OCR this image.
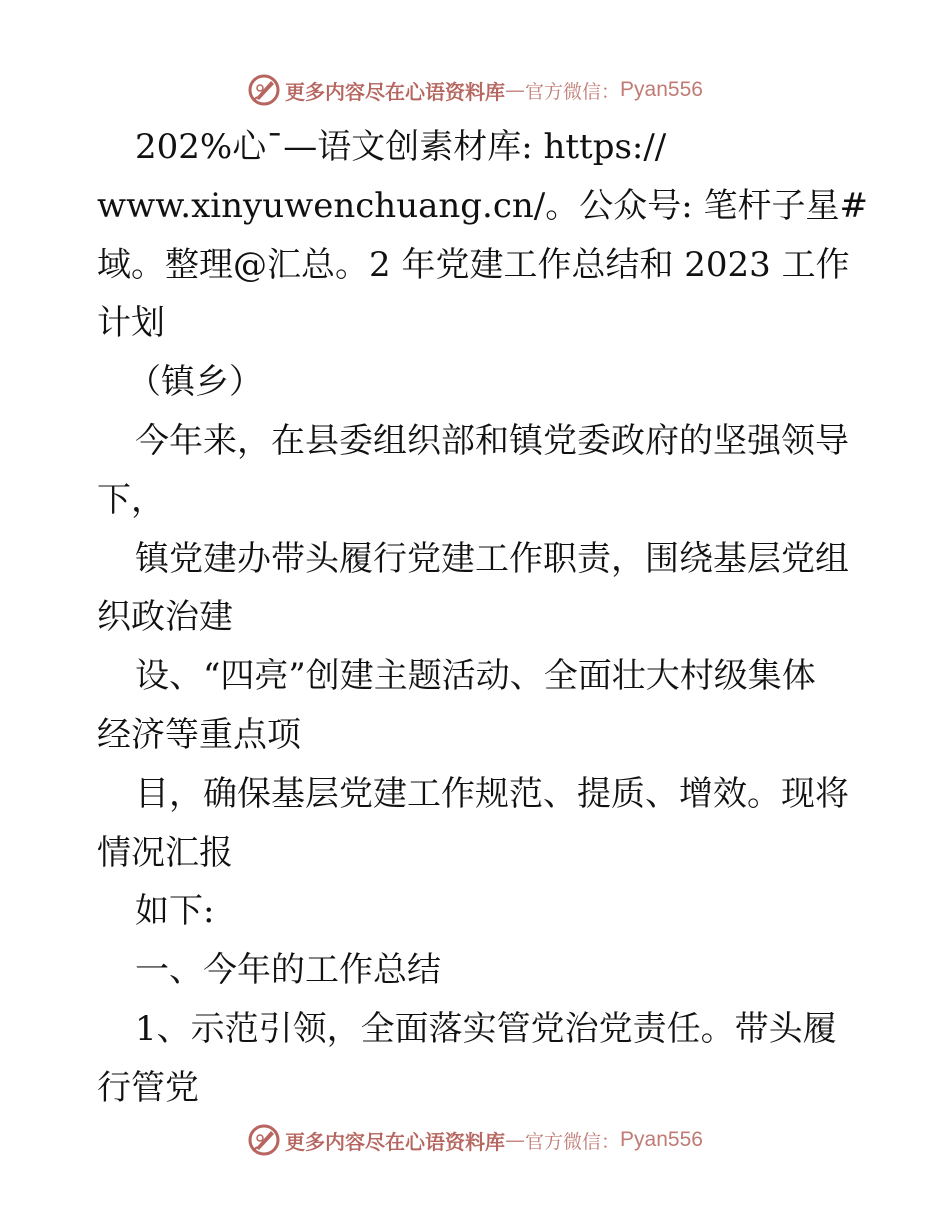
更多内容尽在心语资料库 — 官方微信： Pyan556
202%心¯—语文创素材库: https://
www.xinyuwenchuang.cn/。公众号: 笔杆子星#
域。整理@汇总。2 年党建工作总结和 2023 工作
计划
（镇乡）
今年来，在县委组织部和镇党委政府的坚强领导
下，
镇党建办带头履行党建工作职责，围绕基层党组
织政治建
设、“四亮”创建主题活动、全面壮大村级集体
经济等重点项
目，确保基层党建工作规范、提质、增效。现将
情况汇报
如下:
一、今年的工作总结
1、示范引领，全面落实管党治党责任。带头履
行管党
更多内容尽在心语资料库 — 官方微信： Pyan556
